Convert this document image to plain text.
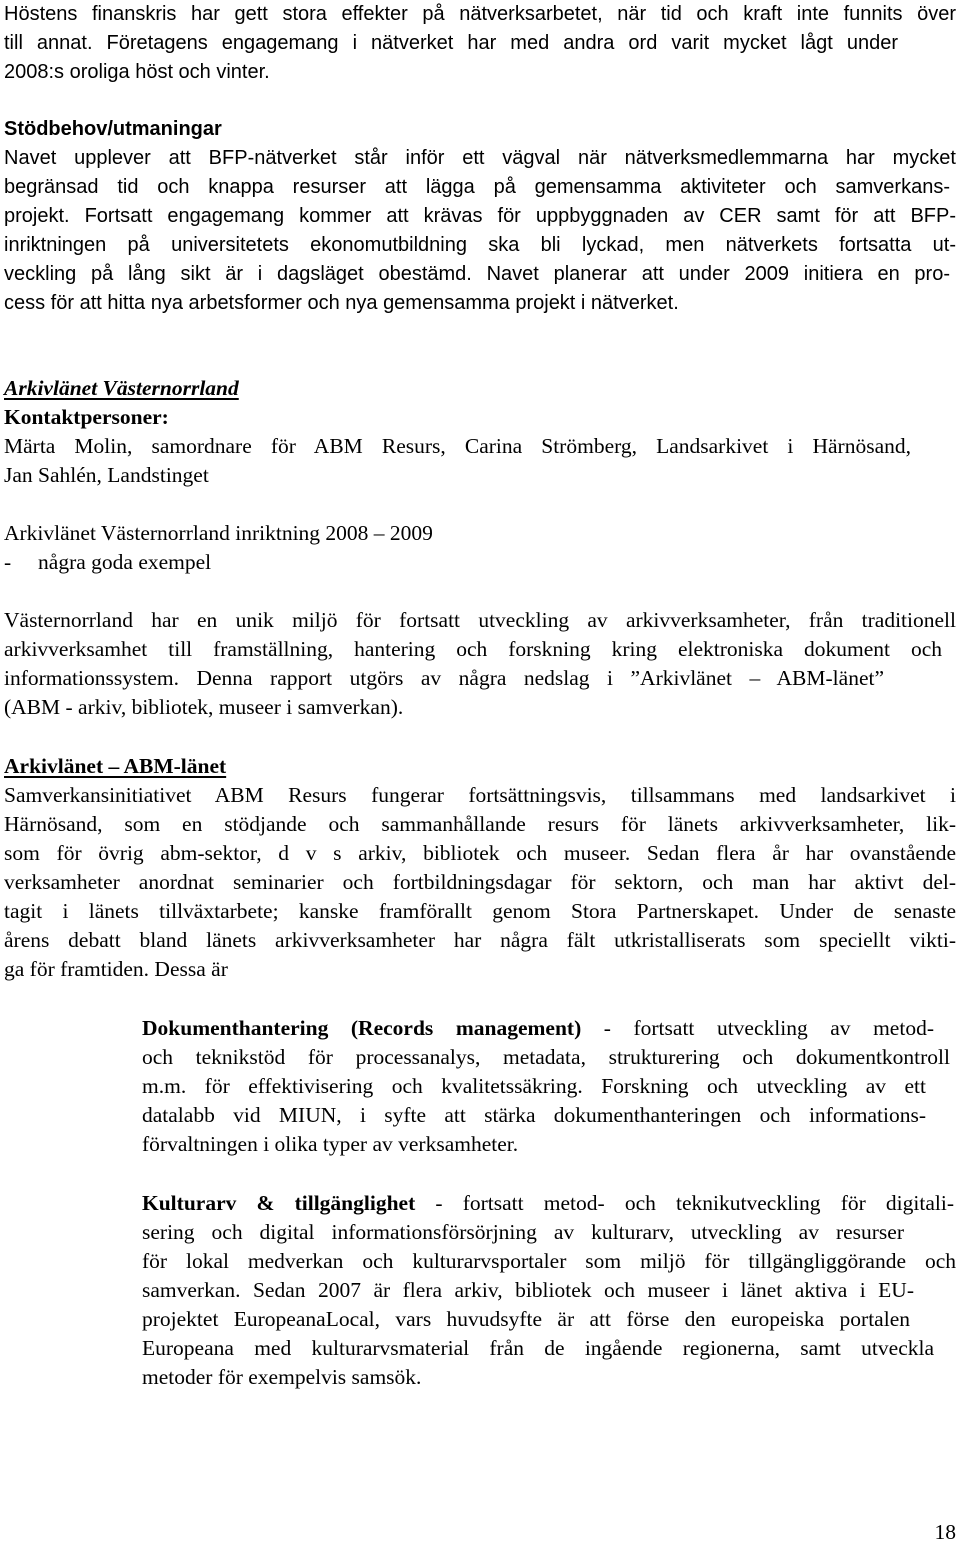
Höstens finanskris har gett stora effekter på nätverksarbetet, när tid och kraft inte funnits över
till annat. Företagens engagemang i nätverket har med andra ord varit mycket lågt under
2008:s oroliga höst och vinter.
Stödbehov/utmaningar
Navet upplever att BFP-nätverket står inför ett vägval när nätverksmedlemmarna har mycket
begränsad tid och knappa resurser att lägga på gemensamma aktiviteter och samverkans-
projekt. Fortsatt engagemang kommer att krävas för uppbyggnaden av CER samt för att BFP-
inriktningen på universitetets ekonomutbildning ska bli lyckad, men nätverkets fortsatta ut-
veckling på lång sikt är i dagsläget obestämd. Navet planerar att under 2009 initiera en pro-
cess för att hitta nya arbetsformer och nya gemensamma projekt i nätverket.
Arkivlänet Västernorrland
Kontaktpersoner:
Märta Molin, samordnare för ABM Resurs, Carina Strömberg, Landsarkivet i Härnösand,
Jan Sahlén, Landstinget
Arkivlänet Västernorrland inriktning 2008 – 2009
-     några goda exempel
Västernorrland har en unik miljö för fortsatt utveckling av arkivverksamheter, från traditionell
arkivverksamhet till framställning, hantering och forskning kring elektroniska dokument och
informationssystem. Denna rapport utgörs av några nedslag i ”Arkivlänet – ABM-länet”
(ABM - arkiv, bibliotek, museer i samverkan).
Arkivlänet – ABM-länet
Samverkansinitiativet ABM Resurs fungerar fortsättningsvis, tillsammans med landsarkivet i
Härnösand, som en stödjande och sammanhållande resurs för länets arkivverksamheter, lik-
som för övrig abm-sektor, d v s arkiv, bibliotek och museer. Sedan flera år har ovanstående
verksamheter anordnat seminarier och fortbildningsdagar för sektorn, och man har aktivt del-
tagit i länets tillväxtarbete; kanske framförallt genom Stora Partnerskapet. Under de senaste
årens debatt bland länets arkivverksamheter har några fält utkristalliserats som speciellt vikti-
ga för framtiden. Dessa är
Dokumenthantering (Records management) - fortsatt utveckling av metod-
och teknikstöd för processanalys, metadata, strukturering och dokumentkontroll
m.m. för effektivisering och kvalitetssäkring. Forskning och utveckling av ett
datalabb vid MIUN, i syfte att stärka dokumenthanteringen och informations-
förvaltningen i olika typer av verksamheter.
Kulturarv & tillgänglighet - fortsatt metod- och teknikutveckling för digitali-
sering och digital informationsförsörjning av kulturarv, utveckling av resurser
för lokal medverkan och kulturarvsportaler som miljö för tillgängliggörande och
samverkan. Sedan 2007 är flera arkiv, bibliotek och museer i länet aktiva i EU-
projektet EuropeanaLocal, vars huvudsyfte är att förse den europeiska portalen
Europeana med kulturarvsmaterial från de ingående regionerna, samt utveckla
metoder för exempelvis samsök.
18
